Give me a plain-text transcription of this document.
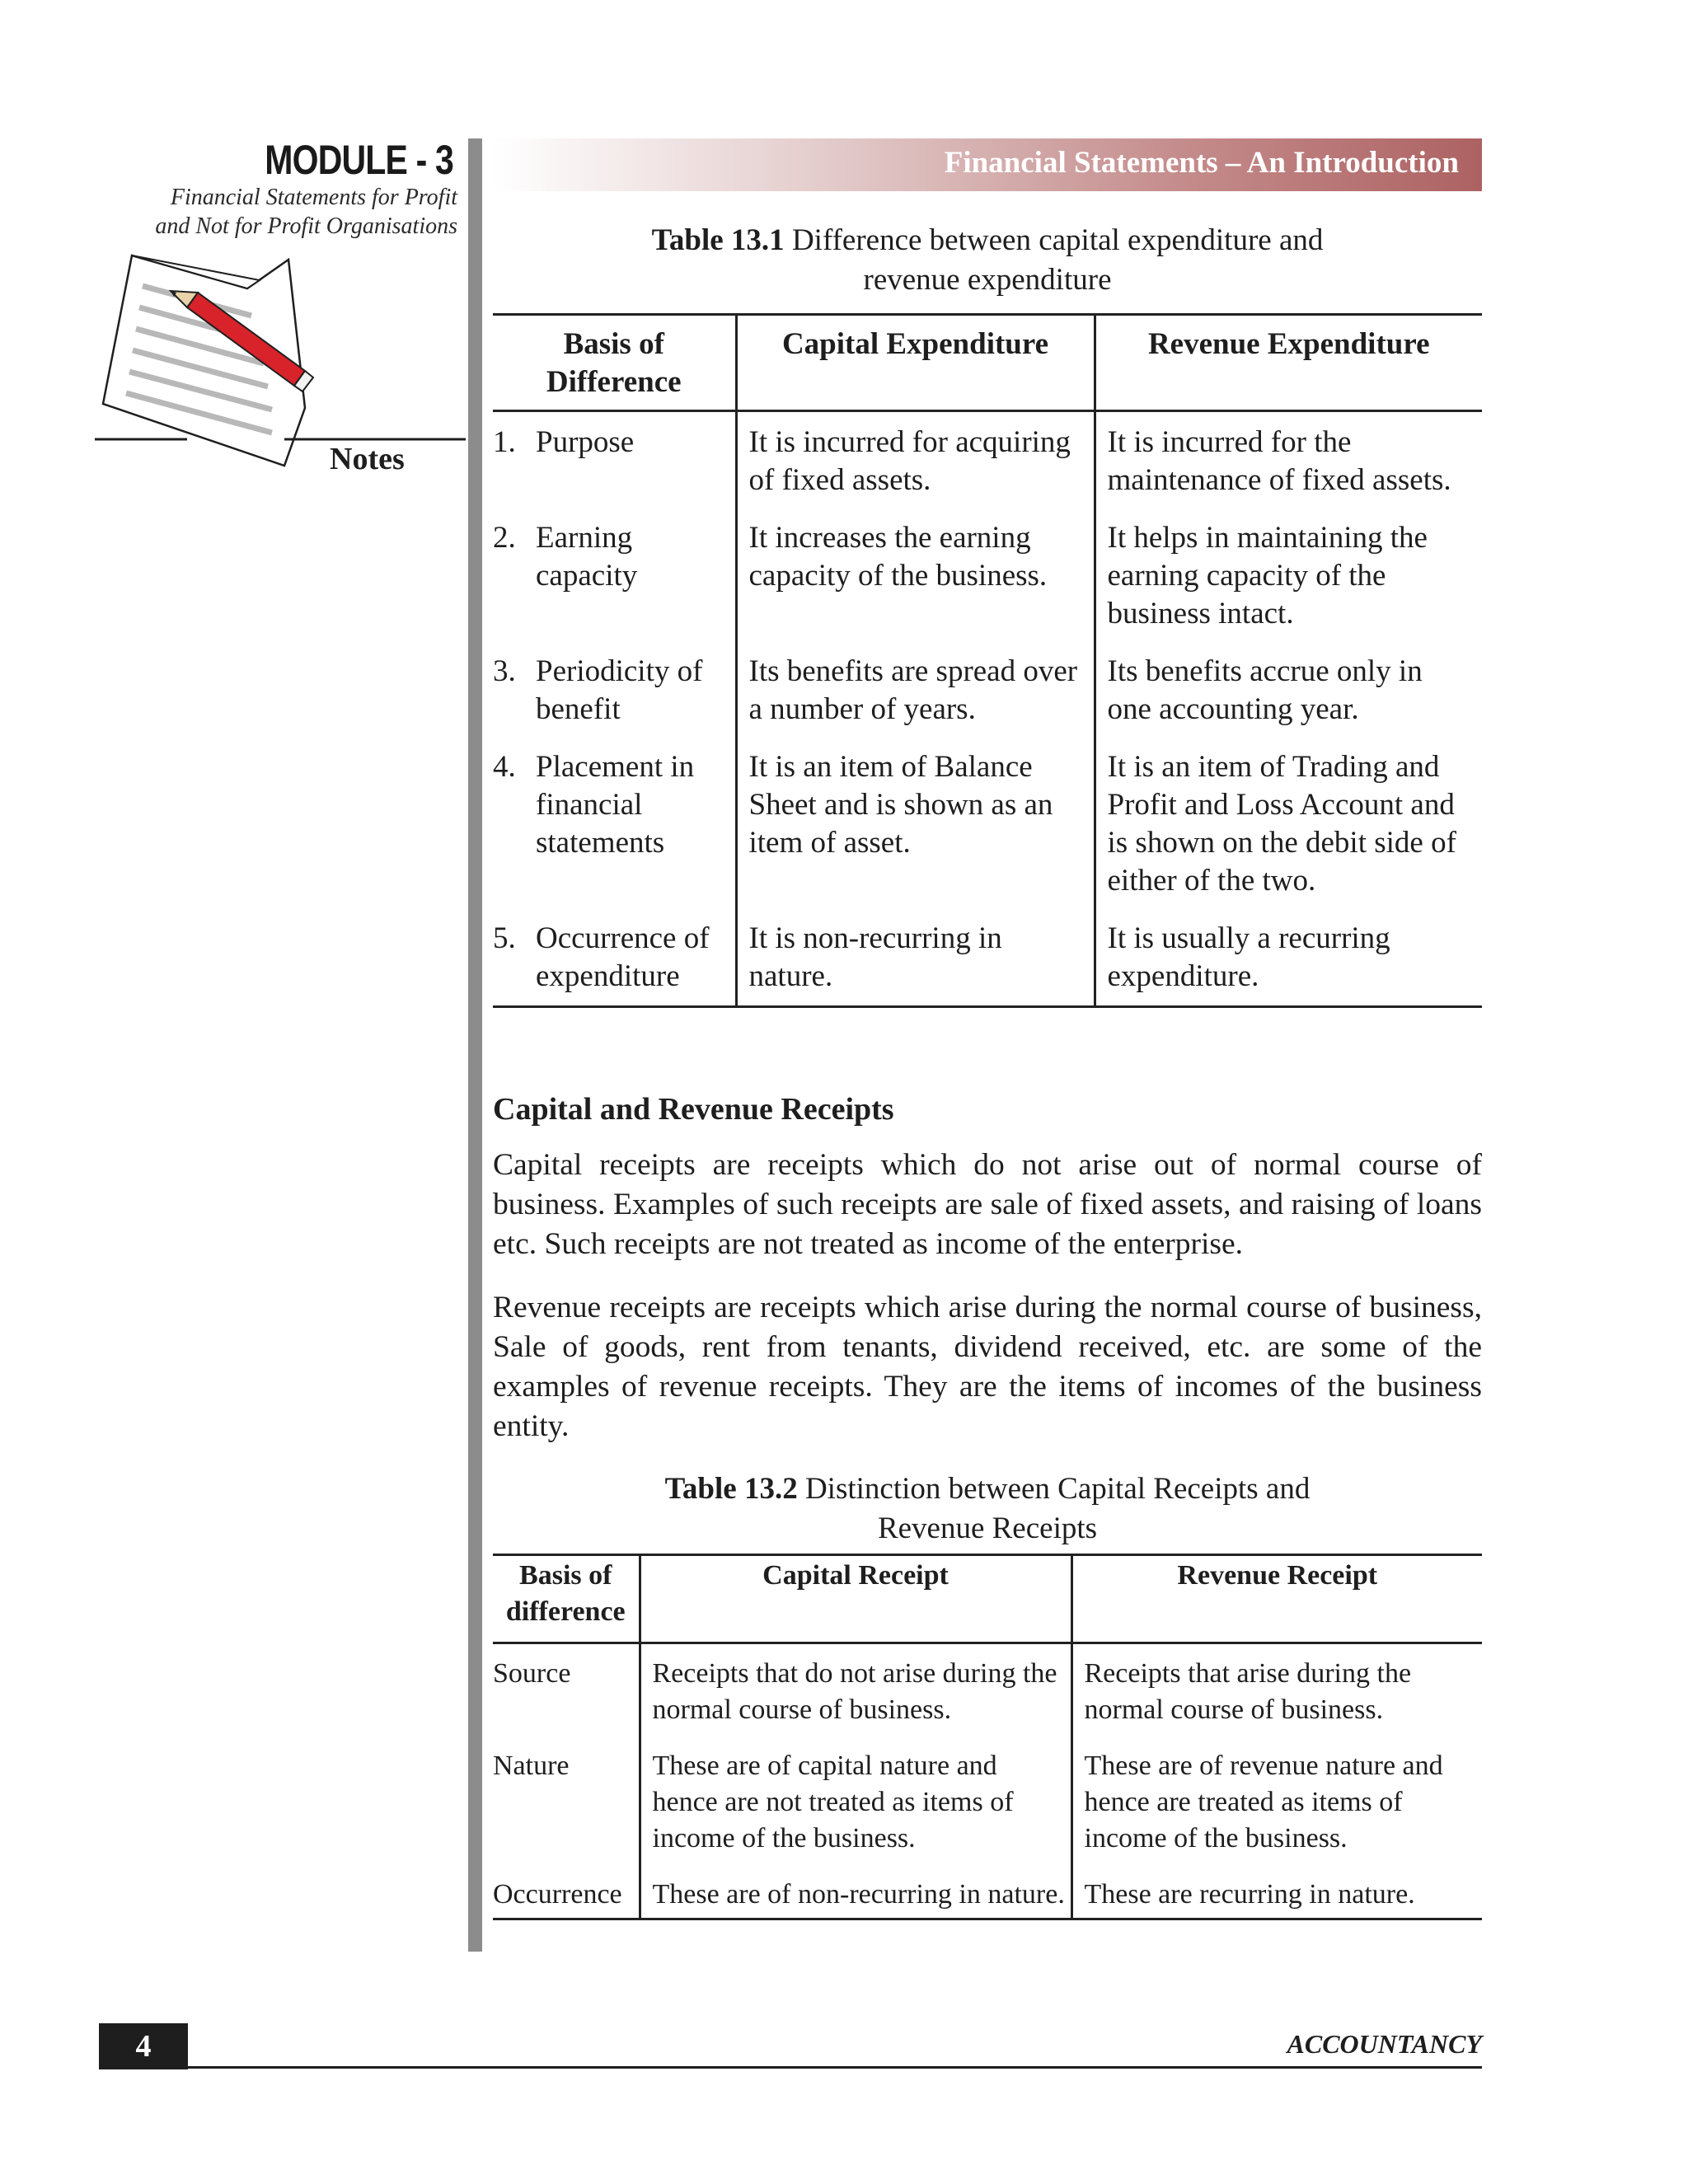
MODULE - 3
Financial Statements for Profit
and Not for Profit Organisations
Notes
Financial Statements – An Introduction
Table 13.1 Difference between capital expenditure and
revenue expenditure
Basis of Difference	Capital Expenditure	Revenue Expenditure

1. Purpose	It is incurred for acquiring of fixed assets.	It is incurred for the maintenance of fixed assets.

2. Earning capacity	It increases the earning capacity of the business.	It helps in maintaining the earning capacity of the business intact.

3. Periodicity of benefit	Its benefits are spread over a number of years.	Its benefits accrue only in one accounting year.

4. Placement in financial statements	It is an item of Balance Sheet and is shown as an item of asset.	It is an item of Trading and Profit and Loss Account and is shown on the debit side of either of the two.

5. Occurrence of expenditure	It is non-recurring in nature.	It is usually a recurring expenditure.
Capital and Revenue Receipts

Capital receipts are receipts which do not arise out of normal course of business. Examples of such receipts are sale of fixed assets, and raising of loans etc. Such receipts are not treated as income of the enterprise.

Revenue receipts are receipts which arise during the normal course of business, Sale of goods, rent from tenants, dividend received, etc. are some of the examples of revenue receipts. They are the items of incomes of the business entity.

Table 13.2 Distinction between Capital Receipts and
Revenue Receipts
Basis of difference	Capital Receipt	Revenue Receipt
Source	Receipts that do not arise during the normal course of business.	Receipts that arise during the normal course of business.
Nature	These are of capital nature and hence are not treated as items of income of the business.	These are of revenue nature and hence are treated as items of income of the business.
Occurrence	These are of non-recurring in nature.	These are recurring in nature.
4	ACCOUNTANCY
